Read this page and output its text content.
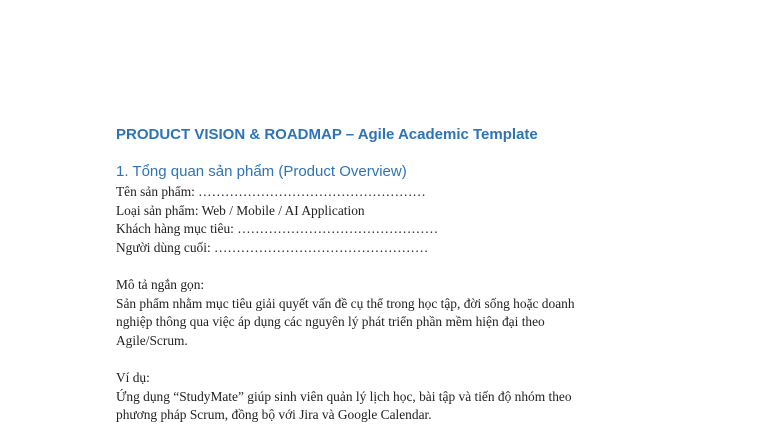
PRODUCT VISION & ROADMAP – Agile Academic Template

1. Tổng quan sản phẩm (Product Overview)

Tên sản phẩm: ……………………………………………

Loại sản phẩm: Web / Mobile / AI Application

Khách hàng mục tiêu: ………………………………………

Người dùng cuối: …………………………………………

Mô tả ngắn gọn:

Sản phẩm nhằm mục tiêu giải quyết vấn đề cụ thể trong học tập, đời sống hoặc doanh

nghiệp thông qua việc áp dụng các nguyên lý phát triển phần mềm hiện đại theo

Agile/Scrum.

Ví dụ:

Ứng dụng “StudyMate” giúp sinh viên quản lý lịch học, bài tập và tiến độ nhóm theo

phương pháp Scrum, đồng bộ với Jira và Google Calendar.
